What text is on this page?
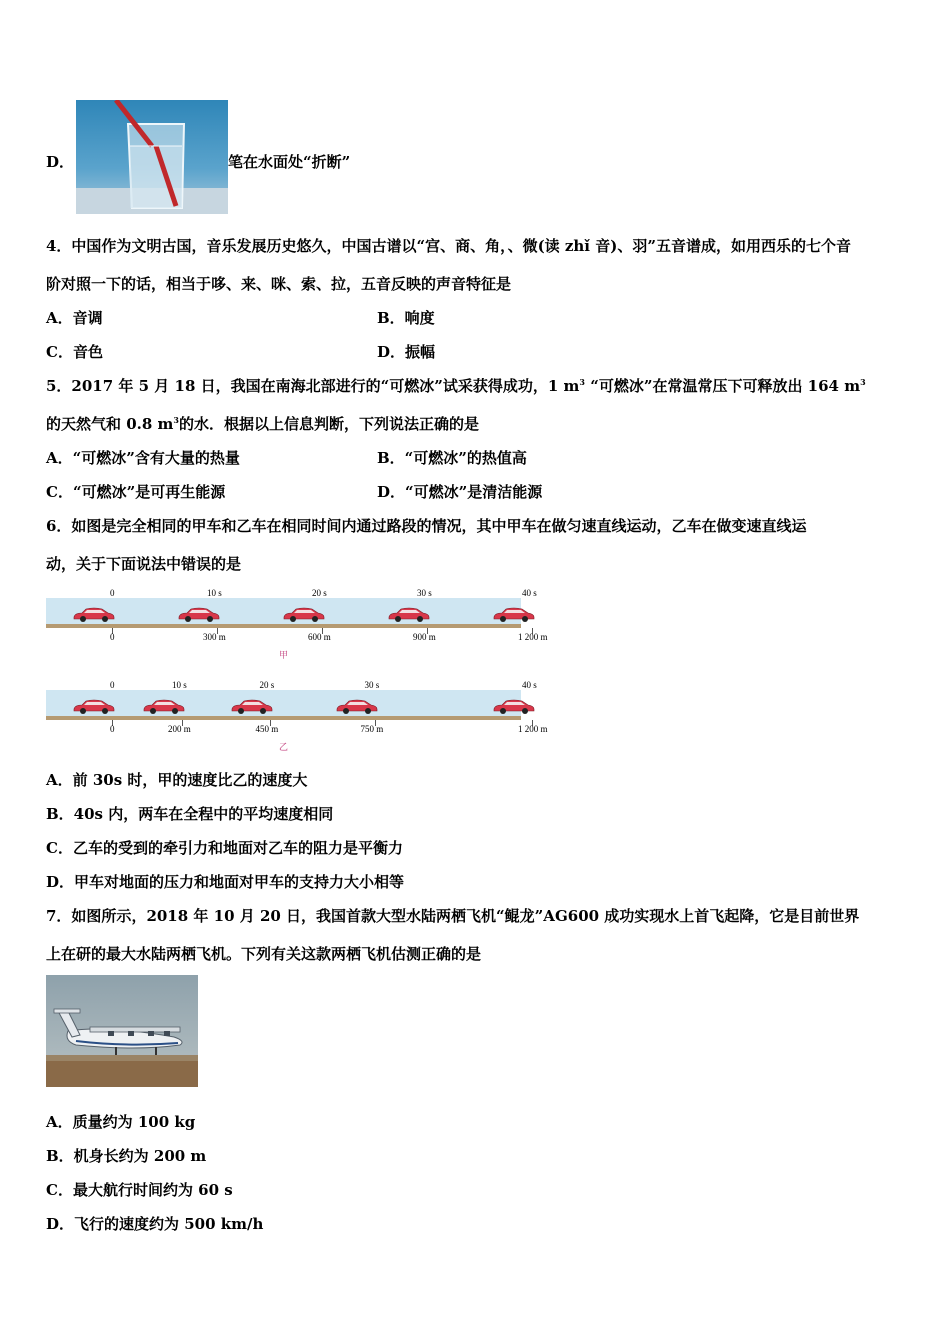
D．	笔在水面处“折断”
4．中国作为文明古国，音乐发展历史悠久，中国古谱以“宫、商、角，、微(读 zhǐ 音)、羽”五音谱成，如用西乐的七个音
阶对照一下的话，相当于哆、来、咪、索、拉，五音反映的声音特征是
A．音调	B．响度
C．音色	D．振幅
5．2017 年 5 月 18 日，我国在南海北部进行的“可燃冰”试采获得成功，1 $m^3$ “可燃冰”在常温常压下可释放出 164 $m^3$
的天然气和 0.8 $m^3$的水．根据以上信息判断，下列说法正确的是
A．“可燃冰”含有大量的热量	B．“可燃冰”的热值高
C．“可燃冰”是可再生能源	D．“可燃冰”是清洁能源
6．如图是完全相同的甲车和乙车在相同时间内通过路段的情况，其中甲车在做匀速直线运动，乙车在做变速直线运
动，关于下面说法中错误的是
0
0
10 s
300 m
20 s
600 m
30 s
900 m
40 s
1 200 m
甲
0
0
10 s
200 m
20 s
450 m
30 s
750 m
40 s
1 200 m
乙
A．前 30s 时，甲的速度比乙的速度大
B．40s 内，两车在全程中的平均速度相同
C．乙车的受到的牵引力和地面对乙车的阻力是平衡力
D．甲车对地面的压力和地面对甲车的支持力大小相等
7．如图所示，2018 年 10 月 20 日，我国首款大型水陆两栖飞机“鲲龙”AG600 成功实现水上首飞起降，它是目前世界
上在研的最大水陆两栖飞机。下列有关这款两栖飞机估测正确的是
A．质量约为 100 kg
B．机身长约为 200 m
C．最大航行时间约为 60 s
D．飞行的速度约为 500 km/h
